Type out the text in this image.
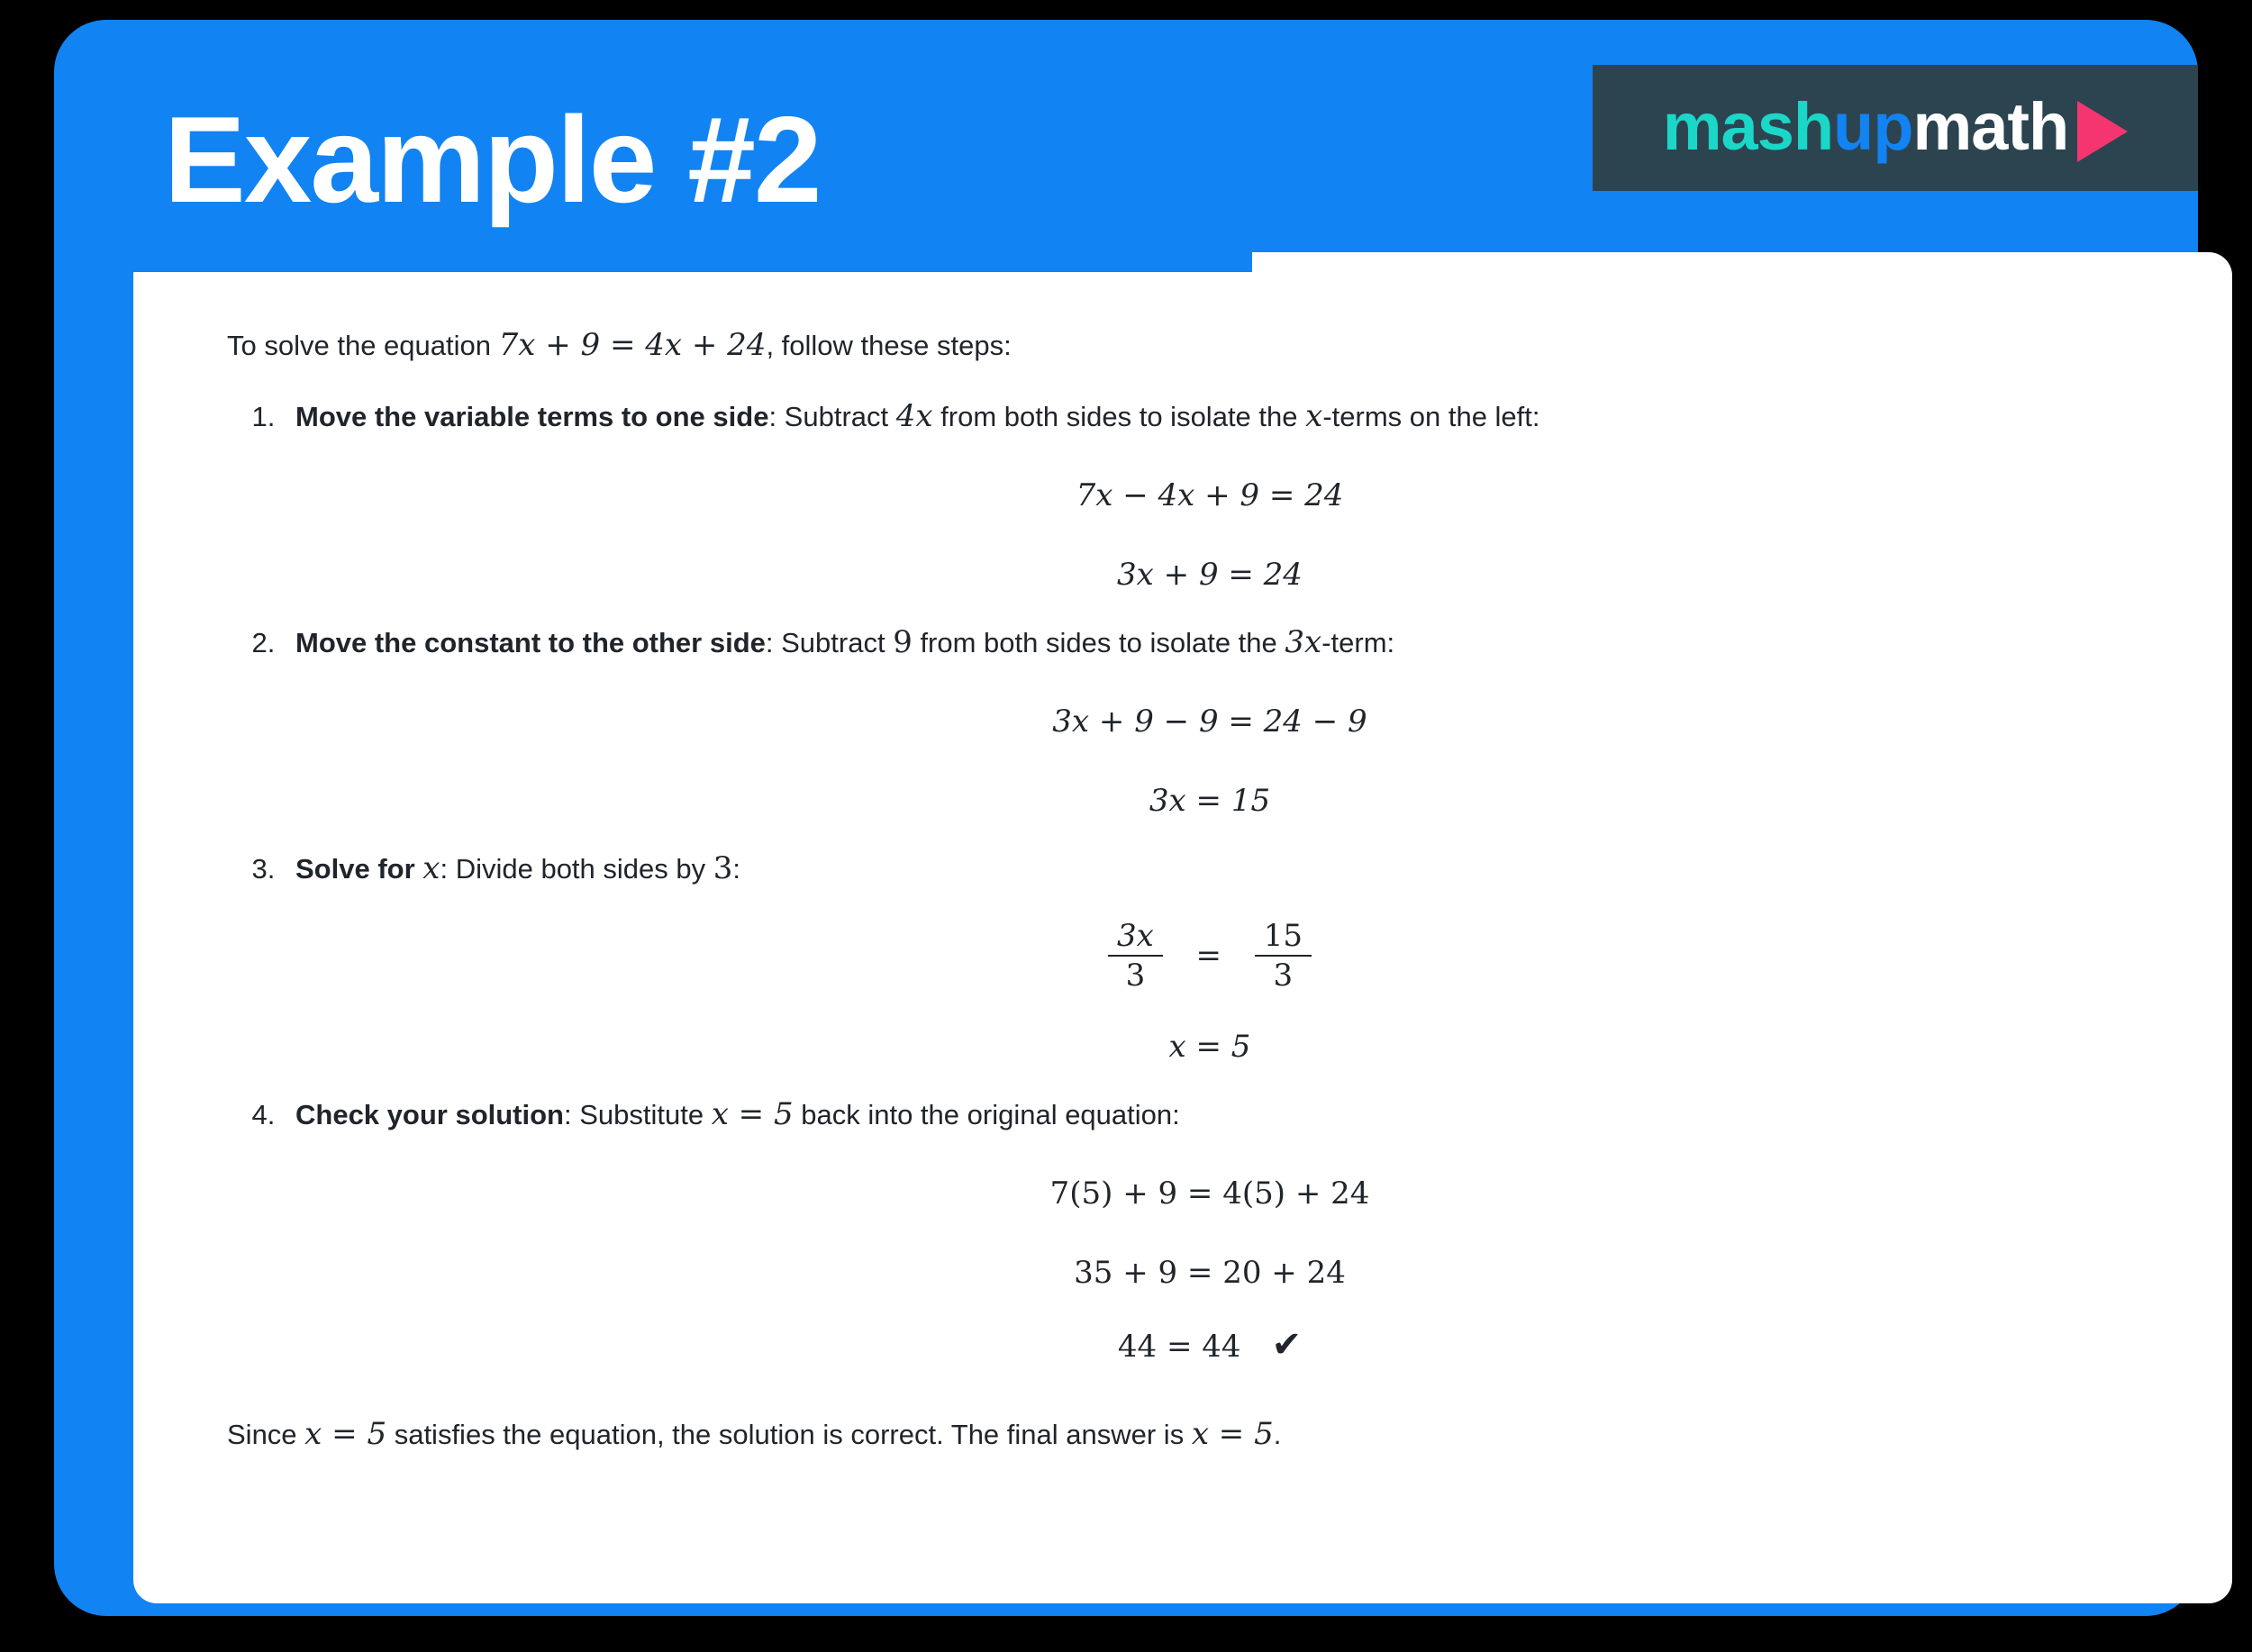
To solve the equation 7x + 9 = 4x + 24, follow these steps:

1. Move the variable terms to one side: Subtract 4x from both sides to isolate the x-terms on the left:
7x − 4x + 9 = 24
3x + 9 = 24
2. Move the constant to the other side: Subtract 9 from both sides to isolate the 3x-term:
3x + 9 − 9 = 24 − 9
3x = 15
3. Solve for x: Divide both sides by 3:
$\frac{3x}{3} = \frac{15}{3}$
x = 5
4. Check your solution: Substitute x = 5 back into the original equation:
7(5) + 9 = 4(5) + 24
35 + 9 = 20 + 24
44 = 44 ✔

Since x = 5 satisfies the equation, the solution is correct. The final answer is x = 5.

Example #2	mashupmath
